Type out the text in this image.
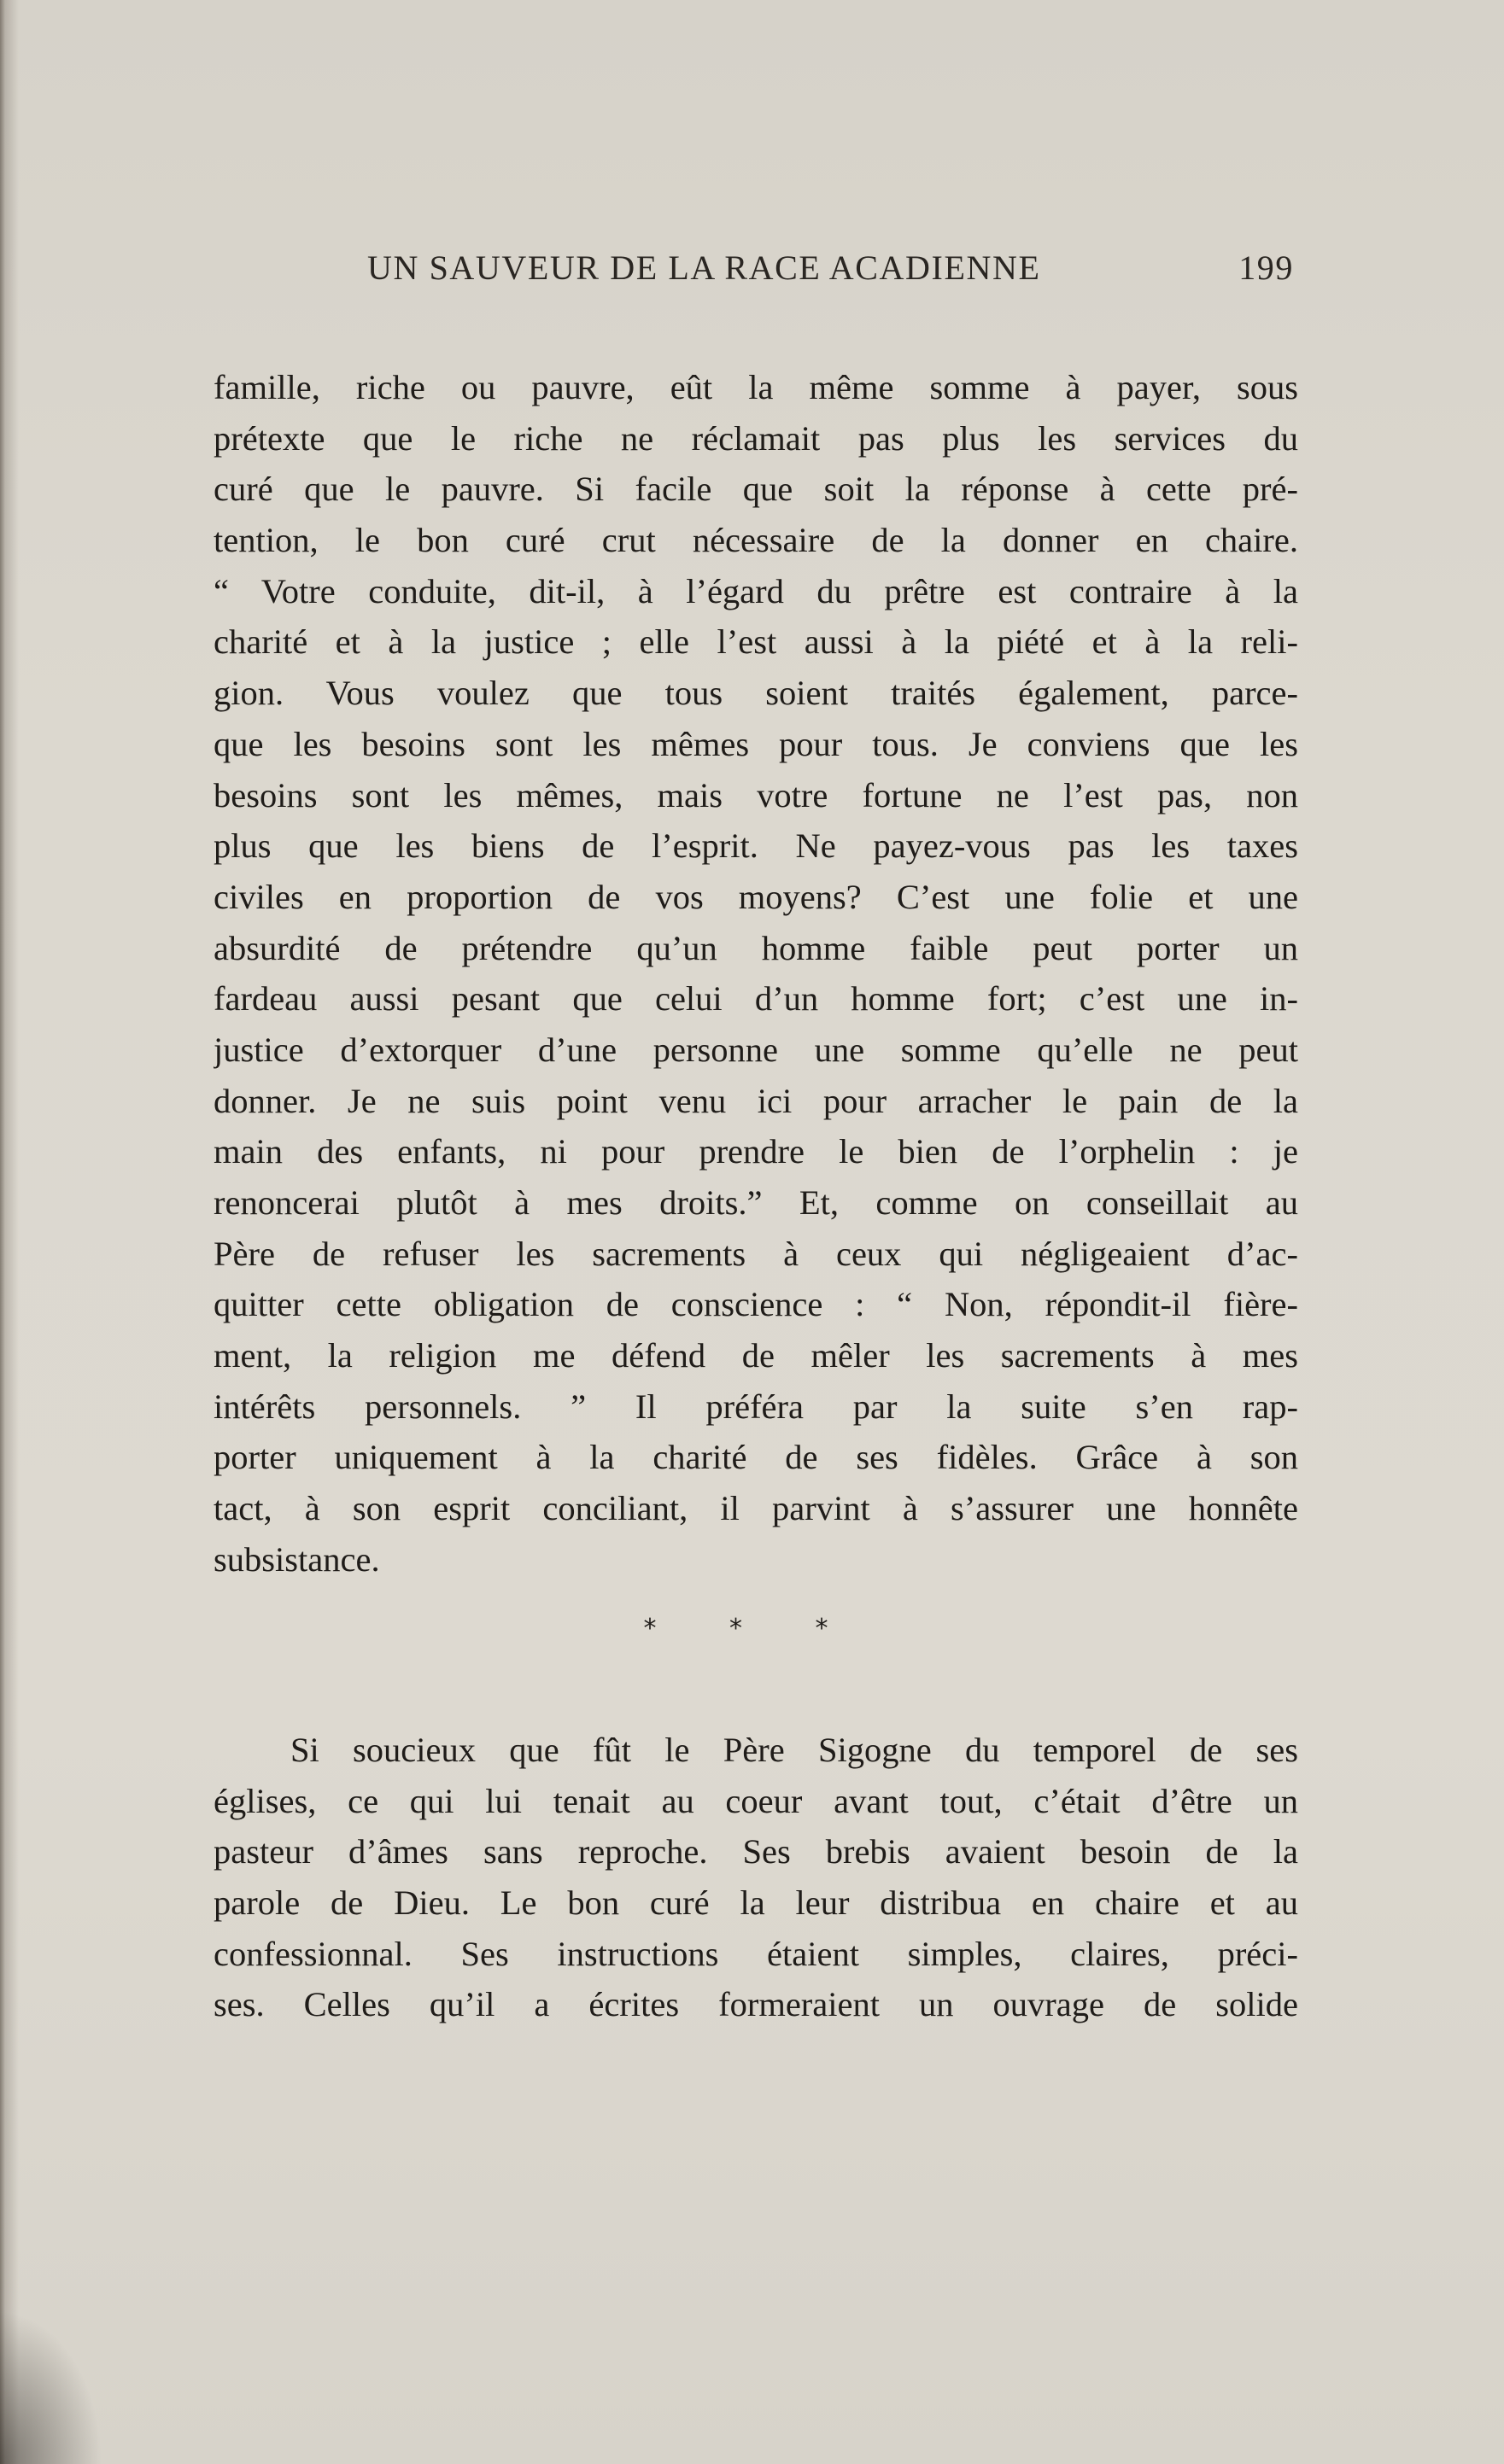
UN SAUVEUR DE LA RACE ACADIENNE	199
famille, riche ou pauvre, eût la même somme à payer, sous
prétexte que le riche ne réclamait pas plus les services du
curé que le pauvre. Si facile que soit la réponse à cette pré-
tention, le bon curé crut nécessaire de la donner en chaire.
“ Votre conduite, dit-il, à l’égard du prêtre est contraire à la
charité et à la justice ; elle l’est aussi à la piété et à la reli-
gion. Vous voulez que tous soient traités également, parce-
que les besoins sont les mêmes pour tous. Je conviens que les
besoins sont les mêmes, mais votre fortune ne l’est pas, non
plus que les biens de l’esprit. Ne payez-vous pas les taxes
civiles en proportion de vos moyens? C’est une folie et une
absurdité de prétendre qu’un homme faible peut porter un
fardeau aussi pesant que celui d’un homme fort; c’est une in-
justice d’extorquer d’une personne une somme qu’elle ne peut
donner. Je ne suis point venu ici pour arracher le pain de la
main des enfants, ni pour prendre le bien de l’orphelin : je
renoncerai plutôt à mes droits.” Et, comme on conseillait au
Père de refuser les sacrements à ceux qui négligeaient d’ac-
quitter cette obligation de conscience : “ Non, répondit-il fière-
ment, la religion me défend de mêler les sacrements à mes
intérêts personnels. ” Il préféra par la suite s’en rap-
porter uniquement à la charité de ses fidèles. Grâce à son
tact, à son esprit conciliant, il parvint à s’assurer une honnête
subsistance.
* * *
Si soucieux que fût le Père Sigogne du temporel de ses
églises, ce qui lui tenait au coeur avant tout, c’était d’être un
pasteur d’âmes sans reproche. Ses brebis avaient besoin de la
parole de Dieu. Le bon curé la leur distribua en chaire et au
confessionnal. Ses instructions étaient simples, claires, préci-
ses. Celles qu’il a écrites formeraient un ouvrage de solide
